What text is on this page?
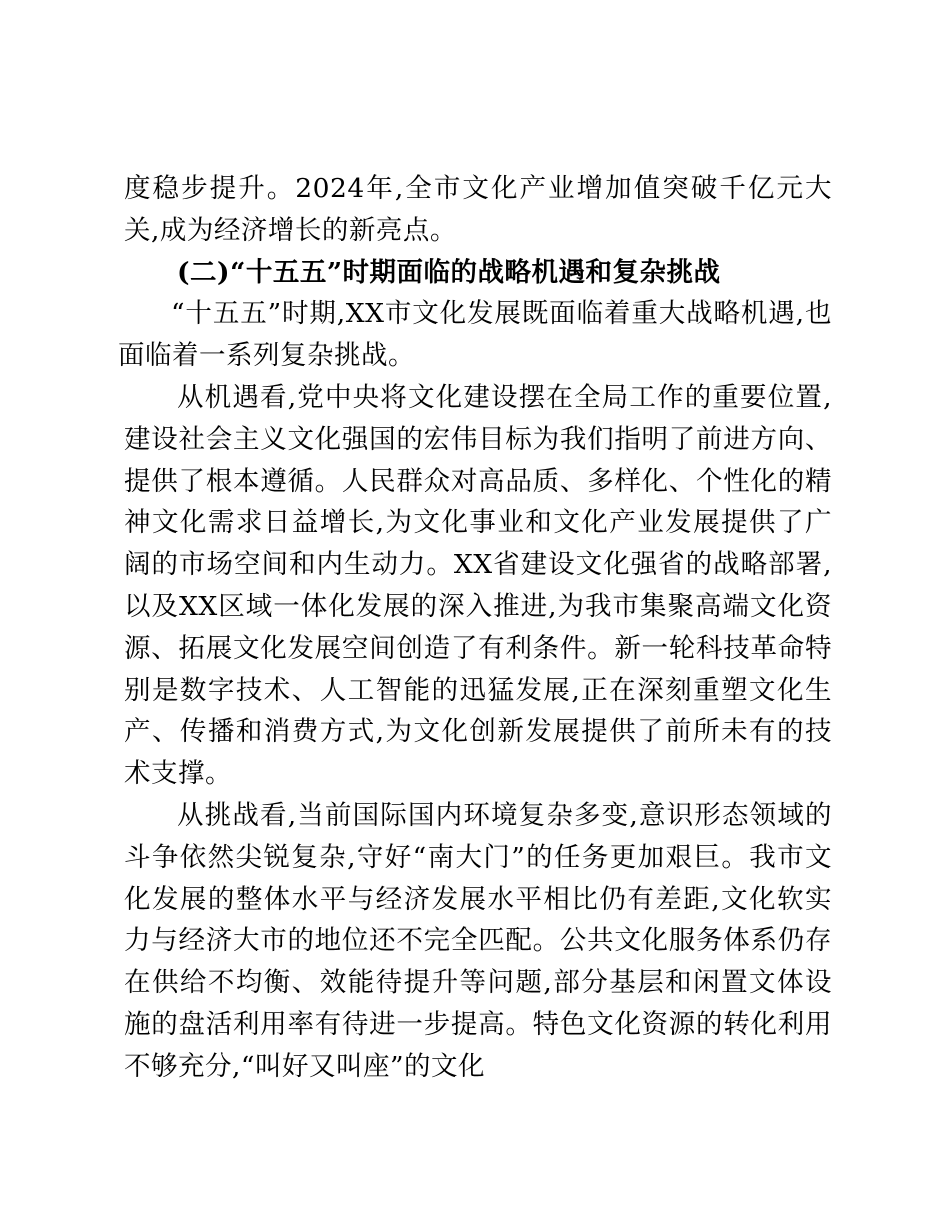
度稳步提升。2024年,全市文化产业增加值突破千亿元大关,成为经济增长的新亮点。

(二)“十五五”时期面临的战略机遇和复杂挑战

“十五五”时期,XX市文化发展既面临着重大战略机遇,也面临着一系列复杂挑战。

从机遇看,党中央将文化建设摆在全局工作的重要位置,建设社会主义文化强国的宏伟目标为我们指明了前进方向、提供了根本遵循。人民群众对高品质、多样化、个性化的精神文化需求日益增长,为文化事业和文化产业发展提供了广阔的市场空间和内生动力。XX省建设文化强省的战略部署,以及XX区域一体化发展的深入推进,为我市集聚高端文化资源、拓展文化发展空间创造了有利条件。新一轮科技革命特别是数字技术、人工智能的迅猛发展,正在深刻重塑文化生产、传播和消费方式,为文化创新发展提供了前所未有的技术支撑。

从挑战看,当前国际国内环境复杂多变,意识形态领域的斗争依然尖锐复杂,守好“南大门”的任务更加艰巨。我市文化发展的整体水平与经济发展水平相比仍有差距,文化软实力与经济大市的地位还不完全匹配。公共文化服务体系仍存在供给不均衡、效能待提升等问题,部分基层和闲置文体设施的盘活利用率有待进一步提高。特色文化资源的转化利用不够充分,“叫好又叫座”的文化
